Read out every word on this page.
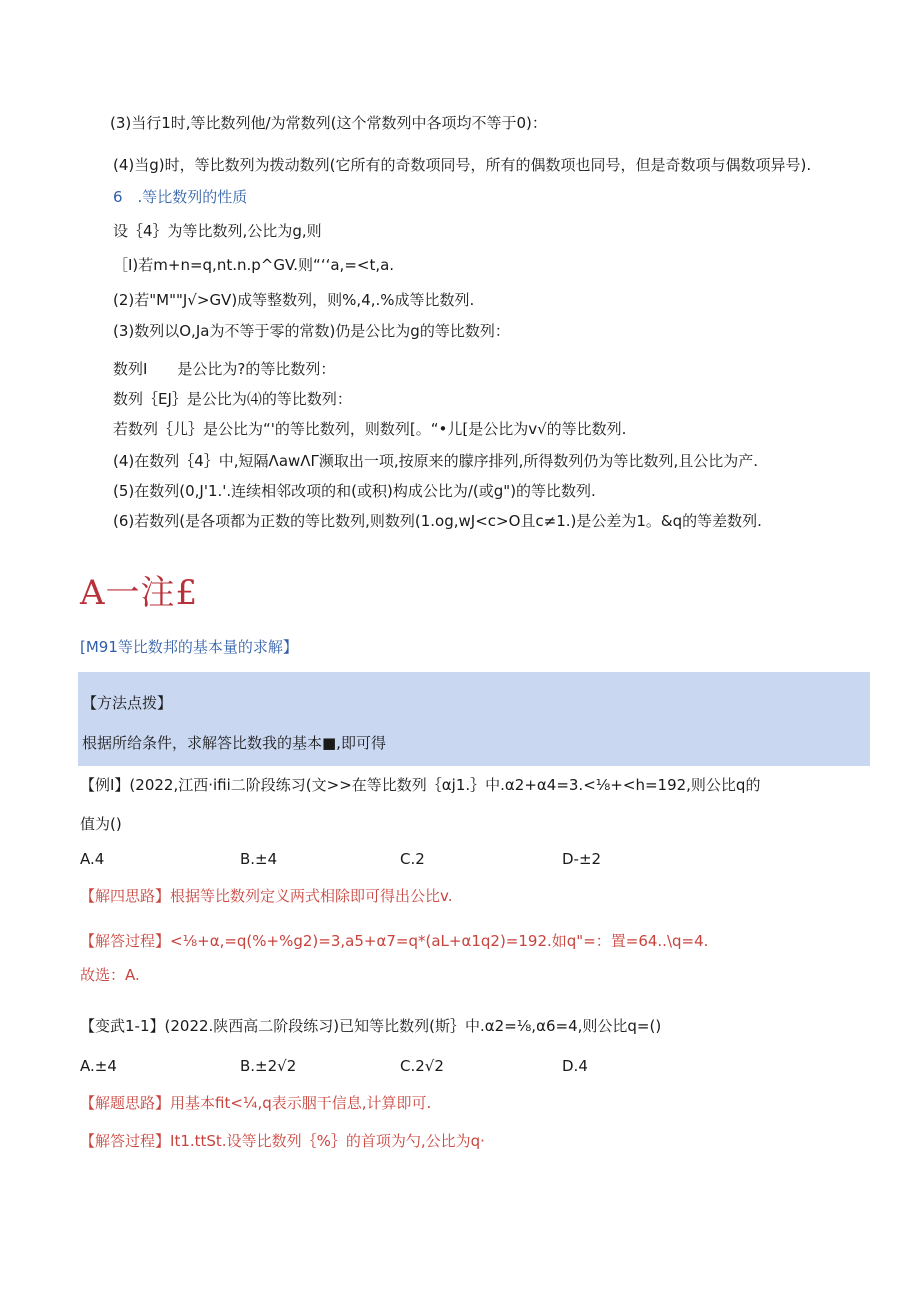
(3)当行1时,等比数列他/为常数列(这个常数列中各项均不等于0)：
(4)当g)时，等比数列为拨动数列(它所有的奇数项同号，所有的偶数项也同号，但是奇数项与偶数项异号).
6　.等比数列的性质
设｛4｝为等比数列,公比为g,则
［I)若m+n=q,nt.n.p^GV.则“‘‘a,=<t,a.
(2)若"M""J√>GV)成等整数列，则%,4,.%成等比数列.
(3)数列以O,Ja为不等于零的常数)仍是公比为g的等比数列：
数列I　　是公比为?的等比数列：
数列｛EJ｝是公比为⑷的等比数列：
若数列｛儿｝是公比为“'的等比数列，则数列[。“•儿[是公比为v√的等比数列.
(4)在数列｛4｝中,短隔ΛawΛΓ濒取出一项,按原来的朦序排列,所得数列仍为等比数列,且公比为产.
(5)在数列(0,J'1.'.连续相邻改项的和(或积)构成公比为/(或g")的等比数列.
(6)若数列(是各项都为正数的等比数列,则数列(1.og,wJ<c>O且c≠1.)是公差为1。&q的等差数列.
A一注£
[M91等比数邦的基本量的求解】
【方法点拨】
根据所给条件，求解答比数我的基本■,即可得
【例I】(2022,江西·ifii二阶段练习(文>>在等比数列｛αj1.｝中.α2+α4=3.<⅛+<h=192,则公比q的
值为()
A.4	B.±4	C.2	D-±2
【解四思路】根据等比数列定义两式相除即可得出公比v.
【解答过程】<⅛+α,=q(%+%g2)=3,a5+α7=q*(aL+α1q2)=192.如q"=：置=64..\q=4.
故选：A.
【变武1-1】(2022.陕西高二阶段练习)已知等比数列(斯｝中.α2=⅛,α6=4,则公比q=()
A.±4	B.±2√2	C.2√2	D.4
【解题思路】用基本fit<¼,q表示胭干信息,计算即可.
【解答过程】It1.ttSt.设等比数列｛%｝的首项为勺,公比为q·
